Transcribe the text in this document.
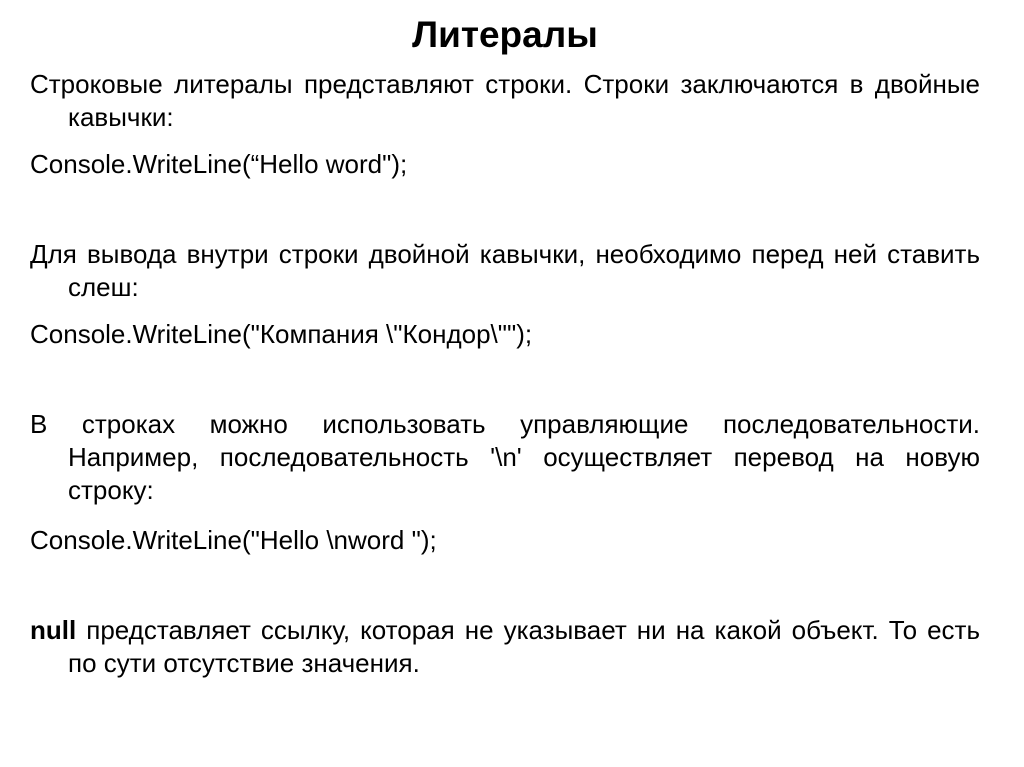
Литералы
Строковые литералы представляют строки. Строки заключаются в двойные кавычки:
Console.WriteLine(“Hello word");
Для вывода внутри строки двойной кавычки, необходимо перед ней ставить слеш:
Console.WriteLine("Компания \"Кондор\"");
В строках можно использовать управляющие последовательности. Например, последовательность '\n' осуществляет перевод на новую строку:
Console.WriteLine("Hello \nword ");
null представляет ссылку, которая не указывает ни на какой объект. То есть по сути отсутствие значения.
